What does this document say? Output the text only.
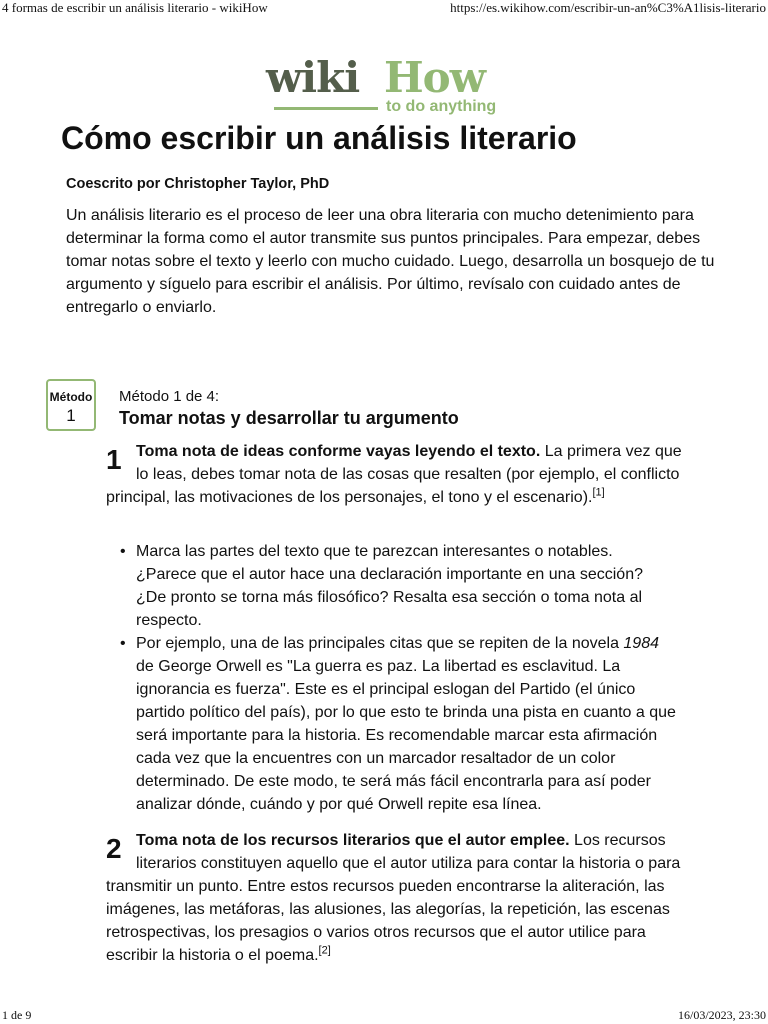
4 formas de escribir un análisis literario - wikiHow	https://es.wikihow.com/escribir-un-an%C3%A1lisis-literario
wiki How
to do anything
Cómo escribir un análisis literario
Coescrito por Christopher Taylor, PhD

Un análisis literario es el proceso de leer una obra literaria con mucho detenimiento para determinar la forma como el autor transmite sus puntos principales. Para empezar, debes tomar notas sobre el texto y leerlo con mucho cuidado. Luego, desarrolla un bosquejo de tu argumento y síguelo para escribir el análisis. Por último, revísalo con cuidado antes de entregarlo o enviarlo.

Método
1
Método 1 de 4:
Tomar notas y desarrollar tu argumento

1 Toma nota de ideas conforme vayas leyendo el texto. La primera vez que lo leas, debes tomar nota de las cosas que resalten (por ejemplo, el conflicto principal, las motivaciones de los personajes, el tono y el escenario).[1]

• Marca las partes del texto que te parezcan interesantes o notables. ¿Parece que el autor hace una declaración importante en una sección? ¿De pronto se torna más filosófico? Resalta esa sección o toma nota al respecto.
• Por ejemplo, una de las principales citas que se repiten de la novela 1984 de George Orwell es "La guerra es paz. La libertad es esclavitud. La ignorancia es fuerza". Este es el principal eslogan del Partido (el único partido político del país), por lo que esto te brinda una pista en cuanto a que será importante para la historia. Es recomendable marcar esta afirmación cada vez que la encuentres con un marcador resaltador de un color determinado. De este modo, te será más fácil encontrarla para así poder analizar dónde, cuándo y por qué Orwell repite esa línea.

2 Toma nota de los recursos literarios que el autor emplee. Los recursos literarios constituyen aquello que el autor utiliza para contar la historia o para transmitir un punto. Entre estos recursos pueden encontrarse la aliteración, las imágenes, las metáforas, las alusiones, las alegorías, la repetición, las escenas retrospectivas, los presagios o varios otros recursos que el autor utilice para escribir la historia o el poema.[2]

1 de 9	16/03/2023, 23:30
